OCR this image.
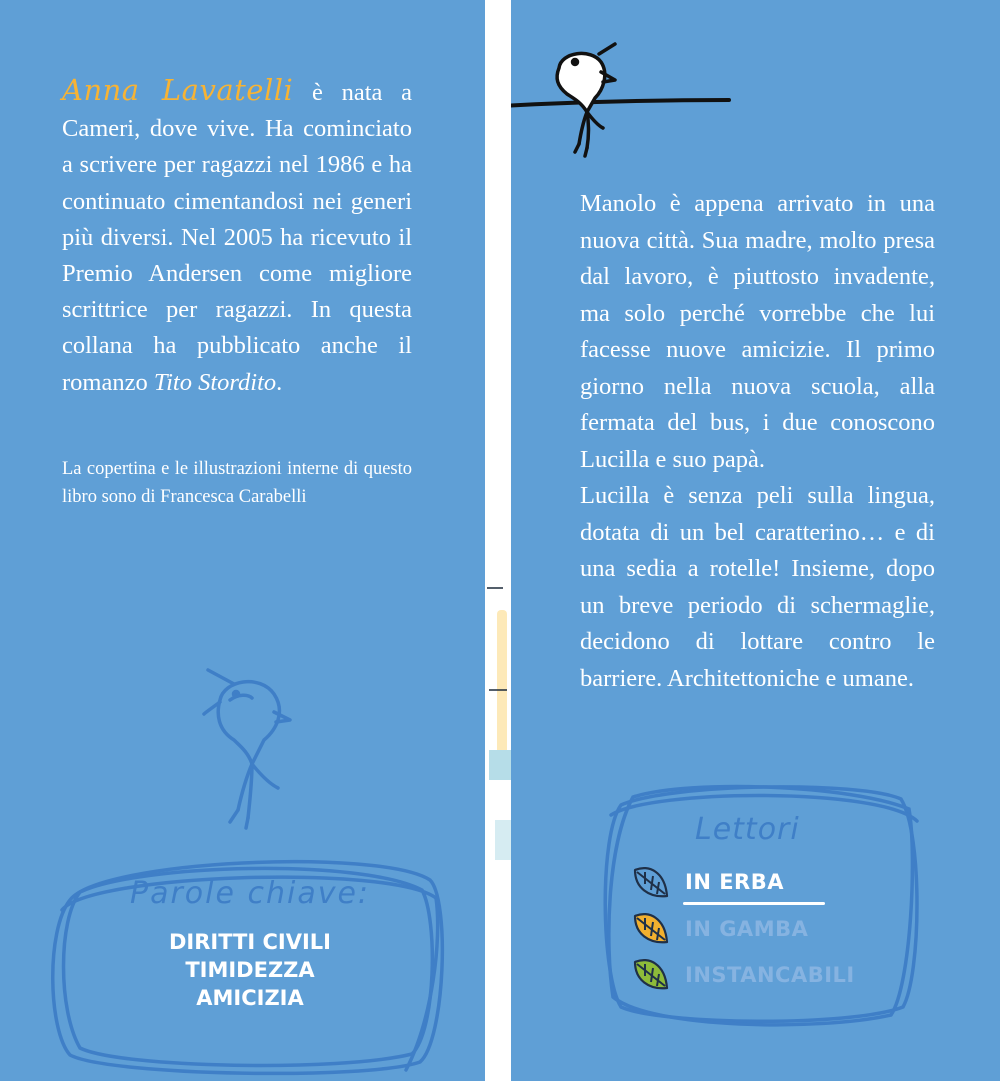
Anna Lavatelli è nata a Cameri, dove vive. Ha cominciato a scrivere per ragazzi nel 1986 e ha continuato cimentandosi nei generi più diversi. Nel 2005 ha ricevuto il Premio Andersen come migliore scrittrice per ragazzi. In questa collana ha pubblicato anche il romanzo Tito Stordito.

La copertina e le illustrazioni interne di questo libro sono di Francesca Carabelli

Parole chiave:
DIRITTI CIVILI
TIMIDEZZA
AMICIZIA

Manolo è appena arrivato in una nuova città. Sua madre, molto presa dal lavoro, è piuttosto invadente, ma solo perché vorrebbe che lui facesse nuove amicizie. Il primo giorno nella nuova scuola, alla fermata del bus, i due conoscono Lucilla e suo papà.

Lucilla è senza peli sulla lingua, dotata di un bel caratterino… e di una sedia a rotelle! Insieme, dopo un breve periodo di schermaglie, decidono di lottare contro le barriere. Architettoniche e umane.

Lettori
IN ERBA
IN GAMBA
INSTANCABILI
